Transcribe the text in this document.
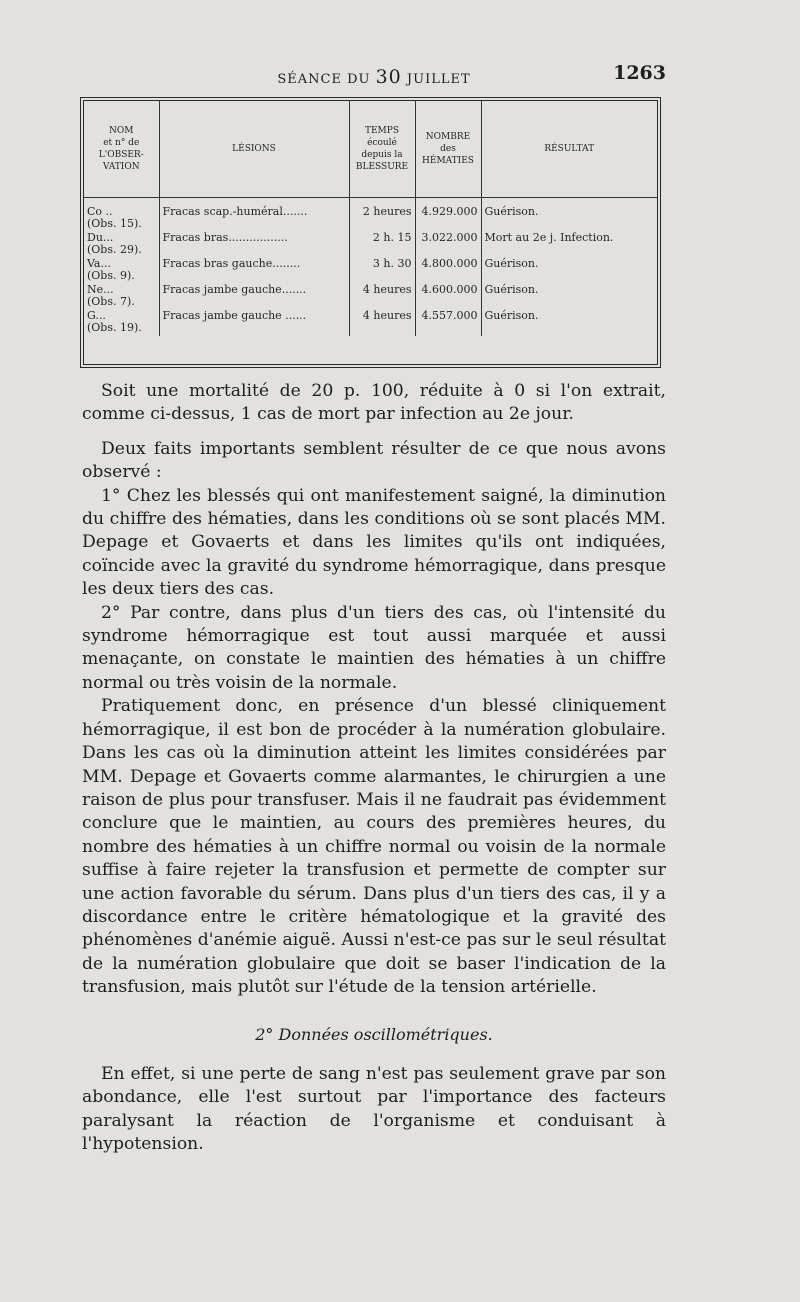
SÉANCE DU 30 JUILLET	1263
NOM
et n° de
L'OBSER-
VATION	LÉSIONS	TEMPS
écoulé
depuis la
BLESSURE	NOMBRE
des
HÉMATIES	RÉSULTAT

Co ..
(Obs. 15).	Fracas scap.-huméral.......	2 heures	4.929.000	Guérison.
Du...
(Obs. 29).	Fracas bras.................	2 h. 15	3.022.000	Mort au 2e j. Infection.
Va...
(Obs. 9).	Fracas bras gauche........	3 h. 30	4.800.000	Guérison.
Ne...
(Obs. 7).	Fracas jambe gauche.......	4 heures	4.600.000	Guérison.
G...
(Obs. 19).	Fracas jambe gauche ......	4 heures	4.557.000	Guérison.

Soit une mortalité de 20 p. 100, réduite à 0 si l'on extrait, comme ci-dessus, 1 cas de mort par infection au 2e jour.

Deux faits importants semblent résulter de ce que nous avons observé :

1° Chez les blessés qui ont manifestement saigné, la diminution du chiffre des hématies, dans les conditions où se sont placés MM. Depage et Govaerts et dans les limites qu'ils ont indiquées, coïncide avec la gravité du syndrome hémorragique, dans presque les deux tiers des cas.

2° Par contre, dans plus d'un tiers des cas, où l'intensité du syndrome hémorragique est tout aussi marquée et aussi menaçante, on constate le maintien des hématies à un chiffre normal ou très voisin de la normale.

Pratiquement donc, en présence d'un blessé cliniquement hémorragique, il est bon de procéder à la numération globulaire. Dans les cas où la diminution atteint les limites considérées par MM. Depage et Govaerts comme alarmantes, le chirurgien a une raison de plus pour transfuser. Mais il ne faudrait pas évidemment conclure que le maintien, au cours des premières heures, du nombre des hématies à un chiffre normal ou voisin de la normale suffise à faire rejeter la transfusion et permette de compter sur une action favorable du sérum. Dans plus d'un tiers des cas, il y a discordance entre le critère hématologique et la gravité des phénomènes d'anémie aiguë. Aussi n'est-ce pas sur le seul résultat de la numération globulaire que doit se baser l'indication de la transfusion, mais plutôt sur l'étude de la tension artérielle.

2° Données oscillométriques.

En effet, si une perte de sang n'est pas seulement grave par son abondance, elle l'est surtout par l'importance des facteurs paralysant la réaction de l'organisme et conduisant à l'hypotension.
